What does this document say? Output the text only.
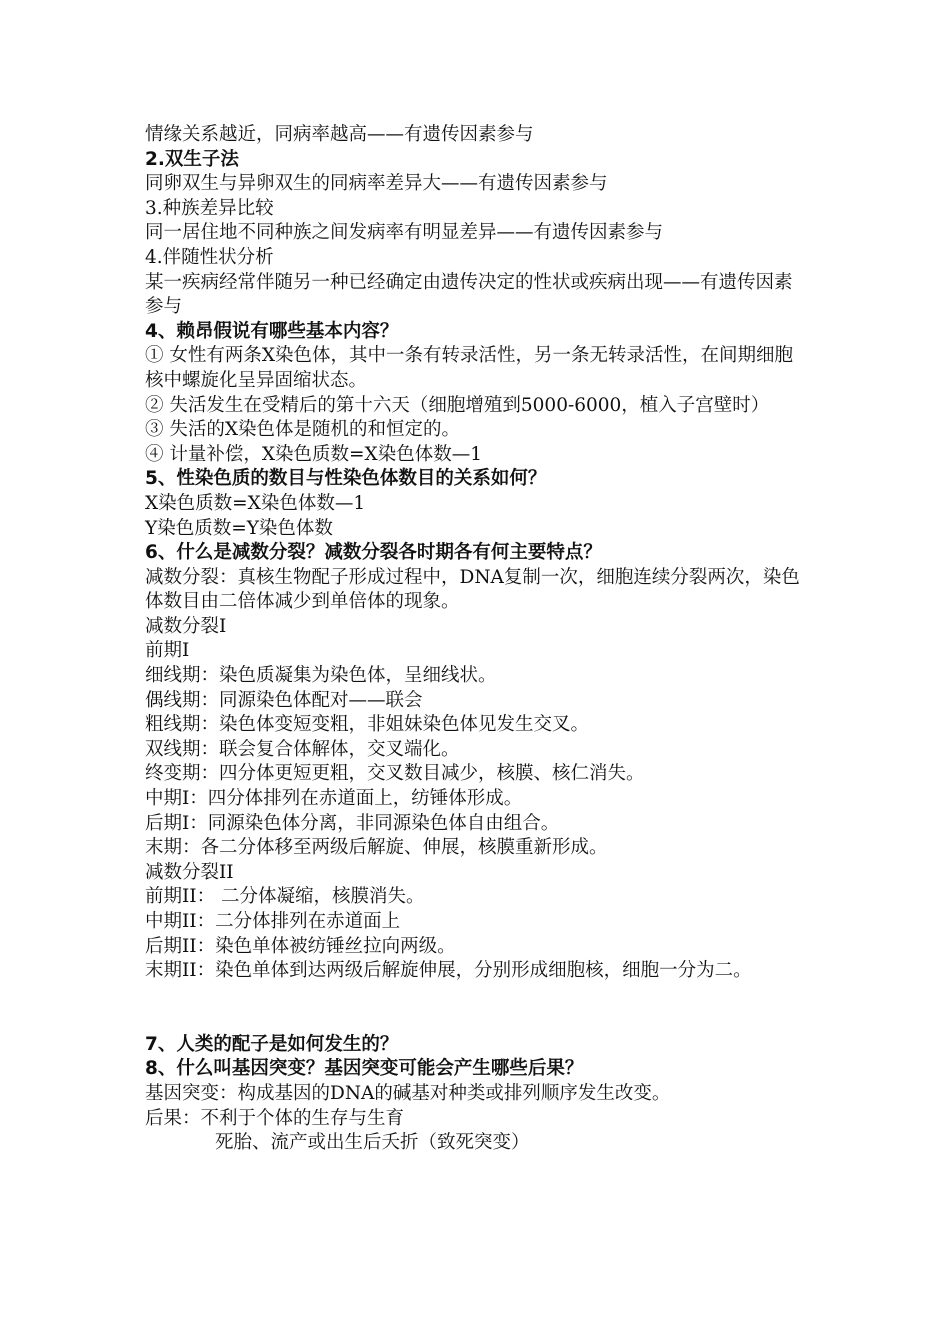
情缘关系越近，同病率越高——有遗传因素参与
2.双生子法
同卵双生与异卵双生的同病率差异大——有遗传因素参与
3.种族差异比较
同一居住地不同种族之间发病率有明显差异——有遗传因素参与
4.伴随性状分析
某一疾病经常伴随另一种已经确定由遗传决定的性状或疾病出现——有遗传因素参与
4、赖昂假说有哪些基本内容？
① 女性有两条X染色体，其中一条有转录活性，另一条无转录活性，在间期细胞核中螺旋化呈异固缩状态。
② 失活发生在受精后的第十六天（细胞增殖到5000-6000，植入子宫壁时）
③ 失活的X染色体是随机的和恒定的。
④ 计量补偿，X染色质数=X染色体数—1
5、性染色质的数目与性染色体数目的关系如何？
X染色质数=X染色体数—1
Y染色质数=Y染色体数
6、什么是减数分裂？减数分裂各时期各有何主要特点？
减数分裂：真核生物配子形成过程中，DNA复制一次，细胞连续分裂两次，染色体数目由二倍体减少到单倍体的现象。
减数分裂Ⅰ
前期Ⅰ
细线期：染色质凝集为染色体，呈细线状。
偶线期：同源染色体配对——联会
粗线期：染色体变短变粗，非姐妹染色体见发生交叉。
双线期：联会复合体解体，交叉端化。
终变期：四分体更短更粗，交叉数目减少，核膜、核仁消失。
中期Ⅰ：四分体排列在赤道面上，纺锤体形成。
后期Ⅰ：同源染色体分离，非同源染色体自由组合。
末期：各二分体移至两级后解旋、伸展，核膜重新形成。
减数分裂II
前期II： 二分体凝缩，核膜消失。
中期II：二分体排列在赤道面上
后期II：染色单体被纺锤丝拉向两级。
末期II：染色单体到达两级后解旋伸展，分别形成细胞核，细胞一分为二。
7、人类的配子是如何发生的？
8、什么叫基因突变？基因突变可能会产生哪些后果？
基因突变：构成基因的DNA的碱基对种类或排列顺序发生改变。
后果：不利于个体的生存与生育
死胎、流产或出生后夭折（致死突变）
